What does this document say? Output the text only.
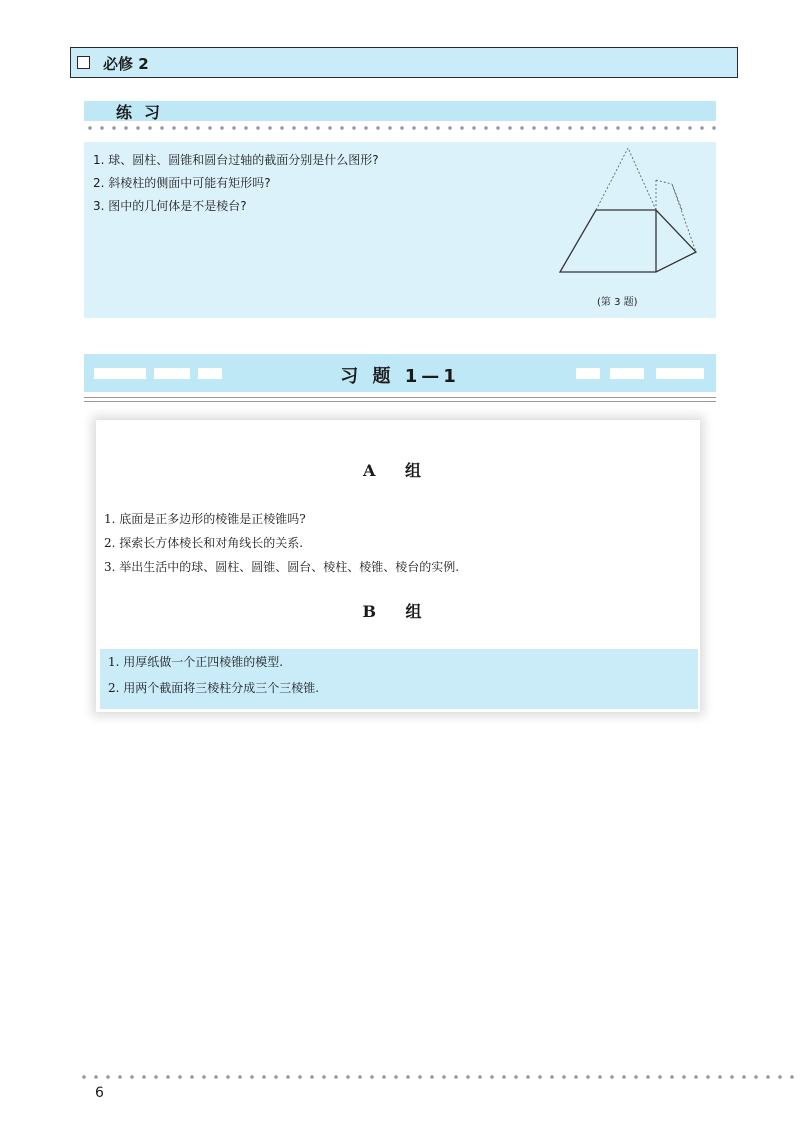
必修 2
练习
1. 球、圆柱、圆锥和圆台过轴的截面分别是什么图形?
2. 斜棱柱的侧面中可能有矩形吗?
3. 图中的几何体是不是棱台?
(第 3 题)
习 题 1—1
A 组
1. 底面是正多边形的棱锥是正棱锥吗?
2. 探索长方体棱长和对角线长的关系.
3. 举出生活中的球、圆柱、圆锥、圆台、棱柱、棱锥、棱台的实例.
B 组
1. 用厚纸做一个正四棱锥的模型.
2. 用两个截面将三棱柱分成三个三棱锥.
6
